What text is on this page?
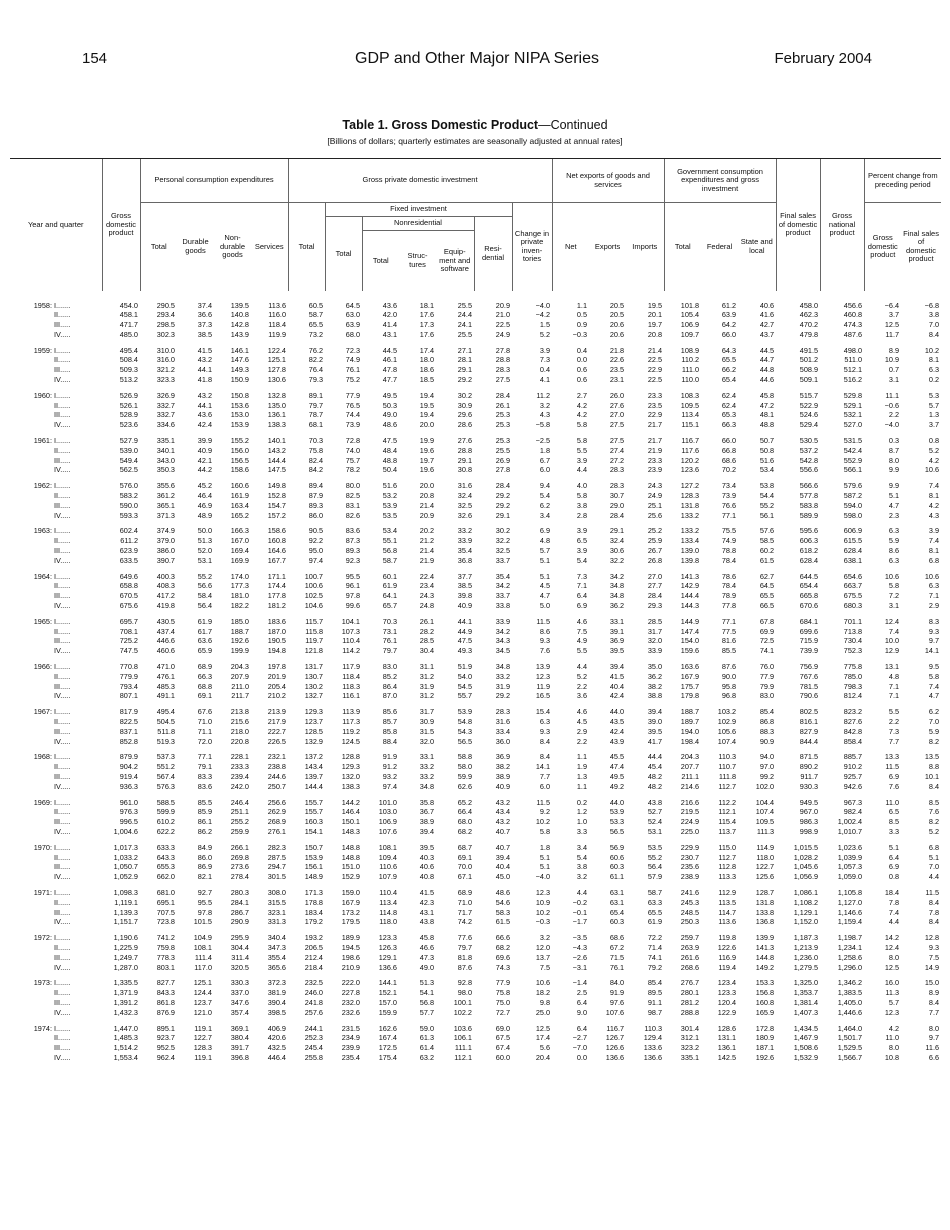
154	GDP and Other Major NIPA Series	February 2004
Table 1. Gross Domestic Product—Continued
[Billions of dollars; quarterly estimates are seasonally adjusted at annual rates]
Year and quarter	Gross domestic product	Personal consumption expenditures				Gross private domestic investment							Net exports of goods and services			Government consumption expenditures and gross investment			Final sales of domestic product	Gross national product	Percent change from preceding period	
		Total	Durable goods	Non-durable goods	Services	Total	Fixed investment					Change in private inven-tories	Net	Exports	Imports	Total	Federal	State and local			Gross domestic product	Final sales of domestic product
							Total	Nonresidential			Resi-dential											
								Total	Struc-tures	Equip-ment and software												

1958: I.......	454.0	290.5	37.4	139.5	113.6	60.5	64.5	43.6	18.1	25.5	20.9	−4.0	1.1	20.5	19.5	101.8	61.2	40.6	458.0	456.6	−6.4	−6.8
II......	458.1	293.4	36.6	140.8	116.0	58.7	63.0	42.0	17.6	24.4	21.0	−4.2	0.5	20.5	20.1	105.4	63.9	41.6	462.3	460.8	3.7	3.8
III.....	471.7	298.5	37.3	142.8	118.4	65.5	63.9	41.4	17.3	24.1	22.5	1.5	0.9	20.6	19.7	106.9	64.2	42.7	470.2	474.3	12.5	7.0
IV.....	485.0	302.3	38.5	143.9	119.9	73.2	68.0	43.1	17.6	25.5	24.9	5.2	−0.3	20.6	20.8	109.7	66.0	43.7	479.8	487.6	11.7	8.4

1959: I.......	495.4	310.0	41.5	146.1	122.4	76.2	72.3	44.5	17.4	27.1	27.8	3.9	0.4	21.8	21.4	108.9	64.3	44.5	491.5	498.0	8.9	10.2
II......	508.4	316.0	43.2	147.6	125.1	82.2	74.9	46.1	18.0	28.1	28.8	7.3	0.0	22.6	22.5	110.2	65.5	44.7	501.2	511.0	10.9	8.1
III.....	509.3	321.2	44.1	149.3	127.8	76.4	76.1	47.8	18.6	29.1	28.3	0.4	0.6	23.5	22.9	111.0	66.2	44.8	508.9	512.1	0.7	6.3
IV.....	513.2	323.3	41.8	150.9	130.6	79.3	75.2	47.7	18.5	29.2	27.5	4.1	0.6	23.1	22.5	110.0	65.4	44.6	509.1	516.2	3.1	0.2

1960: I.......	526.9	326.9	43.2	150.8	132.8	89.1	77.9	49.5	19.4	30.2	28.4	11.2	2.7	26.0	23.3	108.3	62.4	45.8	515.7	529.8	11.1	5.3
II......	526.1	332.7	44.1	153.6	135.0	79.7	76.5	50.3	19.5	30.9	26.1	3.2	4.2	27.6	23.5	109.5	62.4	47.2	522.9	529.1	−0.6	5.7
III.....	528.9	332.7	43.6	153.0	136.1	78.7	74.4	49.0	19.4	29.6	25.3	4.3	4.2	27.0	22.9	113.4	65.3	48.1	524.6	532.1	2.2	1.3
IV.....	523.6	334.6	42.4	153.9	138.3	68.1	73.9	48.6	20.0	28.6	25.3	−5.8	5.8	27.5	21.7	115.1	66.3	48.8	529.4	527.0	−4.0	3.7

1961: I.......	527.9	335.1	39.9	155.2	140.1	70.3	72.8	47.5	19.9	27.6	25.3	−2.5	5.8	27.5	21.7	116.7	66.0	50.7	530.5	531.5	0.3	0.8
II......	539.0	340.1	40.9	156.0	143.2	75.8	74.0	48.4	19.6	28.8	25.5	1.8	5.5	27.4	21.9	117.6	66.8	50.8	537.2	542.4	8.7	5.2
III.....	549.4	343.0	42.1	156.5	144.4	82.4	75.7	48.8	19.7	29.1	26.9	6.7	3.9	27.2	23.3	120.2	68.6	51.6	542.8	552.9	8.0	4.2
IV.....	562.5	350.3	44.2	158.6	147.5	84.2	78.2	50.4	19.6	30.8	27.8	6.0	4.4	28.3	23.9	123.6	70.2	53.4	556.6	566.1	9.9	10.6

1962: I.......	576.0	355.6	45.2	160.6	149.8	89.4	80.0	51.6	20.0	31.6	28.4	9.4	4.0	28.3	24.3	127.2	73.4	53.8	566.6	579.6	9.9	7.4
II......	583.2	361.2	46.4	161.9	152.8	87.9	82.5	53.2	20.8	32.4	29.2	5.4	5.8	30.7	24.9	128.3	73.9	54.4	577.8	587.2	5.1	8.1
III.....	590.0	365.1	46.9	163.4	154.7	89.3	83.1	53.9	21.4	32.5	29.2	6.2	3.8	29.0	25.1	131.8	76.6	55.2	583.8	594.0	4.7	4.2
IV.....	593.3	371.3	48.9	165.2	157.2	86.0	82.6	53.5	20.9	32.6	29.1	3.4	2.8	28.4	25.6	133.2	77.1	56.1	589.9	598.0	2.3	4.3

1963: I.......	602.4	374.9	50.0	166.3	158.6	90.5	83.6	53.4	20.2	33.2	30.2	6.9	3.9	29.1	25.2	133.2	75.5	57.6	595.6	606.9	6.3	3.9
II......	611.2	379.0	51.3	167.0	160.8	92.2	87.3	55.1	21.2	33.9	32.2	4.8	6.5	32.4	25.9	133.4	74.9	58.5	606.3	615.5	5.9	7.4
III.....	623.9	386.0	52.0	169.4	164.6	95.0	89.3	56.8	21.4	35.4	32.5	5.7	3.9	30.6	26.7	139.0	78.8	60.2	618.2	628.4	8.6	8.1
IV.....	633.5	390.7	53.1	169.9	167.7	97.4	92.3	58.7	21.9	36.8	33.7	5.1	5.4	32.2	26.8	139.8	78.4	61.5	628.4	638.1	6.3	6.8

1964: I.......	649.6	400.3	55.2	174.0	171.1	100.7	95.5	60.1	22.4	37.7	35.4	5.1	7.3	34.2	27.0	141.3	78.6	62.7	644.5	654.6	10.6	10.6
II......	658.8	408.3	56.6	177.3	174.4	100.6	96.1	61.9	23.4	38.5	34.2	4.5	7.1	34.8	27.7	142.9	78.4	64.5	654.4	663.7	5.8	6.3
III.....	670.5	417.2	58.4	181.0	177.8	102.5	97.8	64.1	24.3	39.8	33.7	4.7	6.4	34.8	28.4	144.4	78.9	65.5	665.8	675.5	7.2	7.1
IV.....	675.6	419.8	56.4	182.2	181.2	104.6	99.6	65.7	24.8	40.9	33.8	5.0	6.9	36.2	29.3	144.3	77.8	66.5	670.6	680.3	3.1	2.9

1965: I.......	695.7	430.5	61.9	185.0	183.6	115.7	104.1	70.3	26.1	44.1	33.9	11.5	4.6	33.1	28.5	144.9	77.1	67.8	684.1	701.1	12.4	8.3
II......	708.1	437.4	61.7	188.7	187.0	115.8	107.3	73.1	28.2	44.9	34.2	8.6	7.5	39.1	31.7	147.4	77.5	69.9	699.6	713.8	7.4	9.3
III.....	725.2	446.6	63.6	192.6	190.5	119.7	110.4	76.1	28.5	47.5	34.3	9.3	4.9	36.9	32.0	154.0	81.6	72.5	715.9	730.4	10.0	9.7
IV.....	747.5	460.6	65.9	199.9	194.8	121.8	114.2	79.7	30.4	49.3	34.5	7.6	5.5	39.5	33.9	159.6	85.5	74.1	739.9	752.3	12.9	14.1

1966: I.......	770.8	471.0	68.9	204.3	197.8	131.7	117.9	83.0	31.1	51.9	34.8	13.9	4.4	39.4	35.0	163.6	87.6	76.0	756.9	775.8	13.1	9.5
II......	779.9	476.1	66.3	207.9	201.9	130.7	118.4	85.2	31.2	54.0	33.2	12.3	5.2	41.5	36.2	167.9	90.0	77.9	767.6	785.0	4.8	5.8
III.....	793.4	485.3	68.8	211.0	205.4	130.2	118.3	86.4	31.9	54.5	31.9	11.9	2.2	40.4	38.2	175.7	95.8	79.9	781.5	798.3	7.1	7.4
IV.....	807.1	491.1	69.1	211.7	210.2	132.7	116.1	87.0	31.2	55.7	29.2	16.5	3.6	42.4	38.8	179.8	96.8	83.0	790.6	812.4	7.1	4.7

1967: I.......	817.9	495.4	67.6	213.8	213.9	129.3	113.9	85.6	31.7	53.9	28.3	15.4	4.6	44.0	39.4	188.7	103.2	85.4	802.5	823.2	5.5	6.2
II......	822.5	504.5	71.0	215.6	217.9	123.7	117.3	85.7	30.9	54.8	31.6	6.3	4.5	43.5	39.0	189.7	102.9	86.8	816.1	827.6	2.2	7.0
III.....	837.1	511.8	71.1	218.0	222.7	128.5	119.2	85.8	31.5	54.3	33.4	9.3	2.9	42.4	39.5	194.0	105.6	88.3	827.9	842.8	7.3	5.9
IV.....	852.8	519.3	72.0	220.8	226.5	132.9	124.5	88.4	32.0	56.5	36.0	8.4	2.2	43.9	41.7	198.4	107.4	90.9	844.4	858.4	7.7	8.2

1968: I.......	879.9	537.3	77.1	228.1	232.1	137.2	128.8	91.9	33.1	58.8	36.9	8.4	1.1	45.5	44.4	204.3	110.3	94.0	871.5	885.7	13.3	13.5
II......	904.2	551.2	79.1	233.3	238.8	143.4	129.3	91.2	33.2	58.0	38.2	14.1	1.9	47.4	45.4	207.7	110.7	97.0	890.2	910.2	11.5	8.8
III.....	919.4	567.4	83.3	239.4	244.6	139.7	132.0	93.2	33.2	59.9	38.9	7.7	1.3	49.5	48.2	211.1	111.8	99.2	911.7	925.7	6.9	10.1
IV.....	936.3	576.3	83.6	242.0	250.7	144.4	138.3	97.4	34.8	62.6	40.9	6.0	1.1	49.2	48.2	214.6	112.7	102.0	930.3	942.6	7.6	8.4

1969: I.......	961.0	588.5	85.5	246.4	256.6	155.7	144.2	101.0	35.8	65.2	43.2	11.5	0.2	44.0	43.8	216.6	112.2	104.4	949.5	967.3	11.0	8.5
II......	976.3	599.9	85.9	251.1	262.9	155.7	146.4	103.0	36.7	66.4	43.4	9.2	1.2	53.9	52.7	219.5	112.1	107.4	967.0	982.4	6.5	7.6
III.....	996.5	610.2	86.1	255.2	268.9	160.3	150.1	106.9	38.9	68.0	43.2	10.2	1.0	53.3	52.4	224.9	115.4	109.5	986.3	1,002.4	8.5	8.2
IV.....	1,004.6	622.2	86.2	259.9	276.1	154.1	148.3	107.6	39.4	68.2	40.7	5.8	3.3	56.5	53.1	225.0	113.7	111.3	998.9	1,010.7	3.3	5.2

1970: I.......	1,017.3	633.3	84.9	266.1	282.3	150.7	148.8	108.1	39.5	68.7	40.7	1.8	3.4	56.9	53.5	229.9	115.0	114.9	1,015.5	1,023.6	5.1	6.8
II......	1,033.2	643.3	86.0	269.8	287.5	153.9	148.8	109.4	40.3	69.1	39.4	5.1	5.4	60.6	55.2	230.7	112.7	118.0	1,028.2	1,039.9	6.4	5.1
III.....	1,050.7	655.3	86.9	273.6	294.7	156.1	151.0	110.6	40.6	70.0	40.4	5.1	3.8	60.3	56.4	235.6	112.8	122.7	1,045.6	1,057.3	6.9	7.0
IV.....	1,052.9	662.0	82.1	278.4	301.5	148.9	152.9	107.9	40.8	67.1	45.0	−4.0	3.2	61.1	57.9	238.9	113.3	125.6	1,056.9	1,059.0	0.8	4.4

1971: I.......	1,098.3	681.0	92.7	280.3	308.0	171.3	159.0	110.4	41.5	68.9	48.6	12.3	4.4	63.1	58.7	241.6	112.9	128.7	1,086.1	1,105.8	18.4	11.5
II......	1,119.1	695.1	95.5	284.1	315.5	178.8	167.9	113.4	42.3	71.0	54.6	10.9	−0.2	63.1	63.3	245.3	113.5	131.8	1,108.2	1,127.0	7.8	8.4
III.....	1,139.3	707.5	97.8	286.7	323.1	183.4	173.2	114.8	43.1	71.7	58.3	10.2	−0.1	65.4	65.5	248.5	114.7	133.8	1,129.1	1,146.6	7.4	7.8
IV.....	1,151.7	723.8	101.5	290.9	331.3	179.2	179.5	118.0	43.8	74.2	61.5	−0.3	−1.7	60.3	61.9	250.3	113.6	136.8	1,152.0	1,159.4	4.4	8.4

1972: I.......	1,190.6	741.2	104.9	295.9	340.4	193.2	189.9	123.3	45.8	77.6	66.6	3.2	−3.5	68.6	72.2	259.7	119.8	139.9	1,187.3	1,198.7	14.2	12.8
II......	1,225.9	759.8	108.1	304.4	347.3	206.5	194.5	126.3	46.6	79.7	68.2	12.0	−4.3	67.2	71.4	263.9	122.6	141.3	1,213.9	1,234.1	12.4	9.3
III.....	1,249.7	778.3	111.4	311.4	355.4	212.4	198.6	129.1	47.3	81.8	69.6	13.7	−2.6	71.5	74.1	261.6	116.9	144.8	1,236.0	1,258.6	8.0	7.5
IV.....	1,287.0	803.1	117.0	320.5	365.6	218.4	210.9	136.6	49.0	87.6	74.3	7.5	−3.1	76.1	79.2	268.6	119.4	149.2	1,279.5	1,296.0	12.5	14.9

1973: I.......	1,335.5	827.7	125.1	330.3	372.3	232.5	222.0	144.1	51.3	92.8	77.9	10.6	−1.4	84.0	85.4	276.7	123.4	153.3	1,325.0	1,346.2	16.0	15.0
II......	1,371.9	843.3	124.4	337.0	381.9	246.0	227.8	152.1	54.1	98.0	75.8	18.2	2.5	91.9	89.5	280.1	123.3	156.8	1,353.7	1,383.5	11.3	8.9
III.....	1,391.2	861.8	123.7	347.6	390.4	241.8	232.0	157.0	56.8	100.1	75.0	9.8	6.4	97.6	91.1	281.2	120.4	160.8	1,381.4	1,405.0	5.7	8.4
IV.....	1,432.3	876.9	121.0	357.4	398.5	257.6	232.6	159.9	57.7	102.2	72.7	25.0	9.0	107.6	98.7	288.8	122.9	165.9	1,407.3	1,446.6	12.3	7.7

1974: I.......	1,447.0	895.1	119.1	369.1	406.9	244.1	231.5	162.6	59.0	103.6	69.0	12.5	6.4	116.7	110.3	301.4	128.6	172.8	1,434.5	1,464.0	4.2	8.0
II......	1,485.3	923.7	122.7	380.4	420.6	252.3	234.9	167.4	61.3	106.1	67.5	17.4	−2.7	126.7	129.4	312.1	131.1	180.9	1,467.9	1,501.7	11.0	9.7
III.....	1,514.2	952.5	128.3	391.7	432.5	245.4	239.9	172.5	61.4	111.1	67.4	5.6	−7.0	126.6	133.6	323.2	136.1	187.1	1,508.6	1,529.5	8.0	11.6
IV.....	1,553.4	962.4	119.1	396.8	446.4	255.8	235.4	175.4	63.2	112.1	60.0	20.4	0.0	136.6	136.6	335.1	142.5	192.6	1,532.9	1,566.7	10.8	6.6
